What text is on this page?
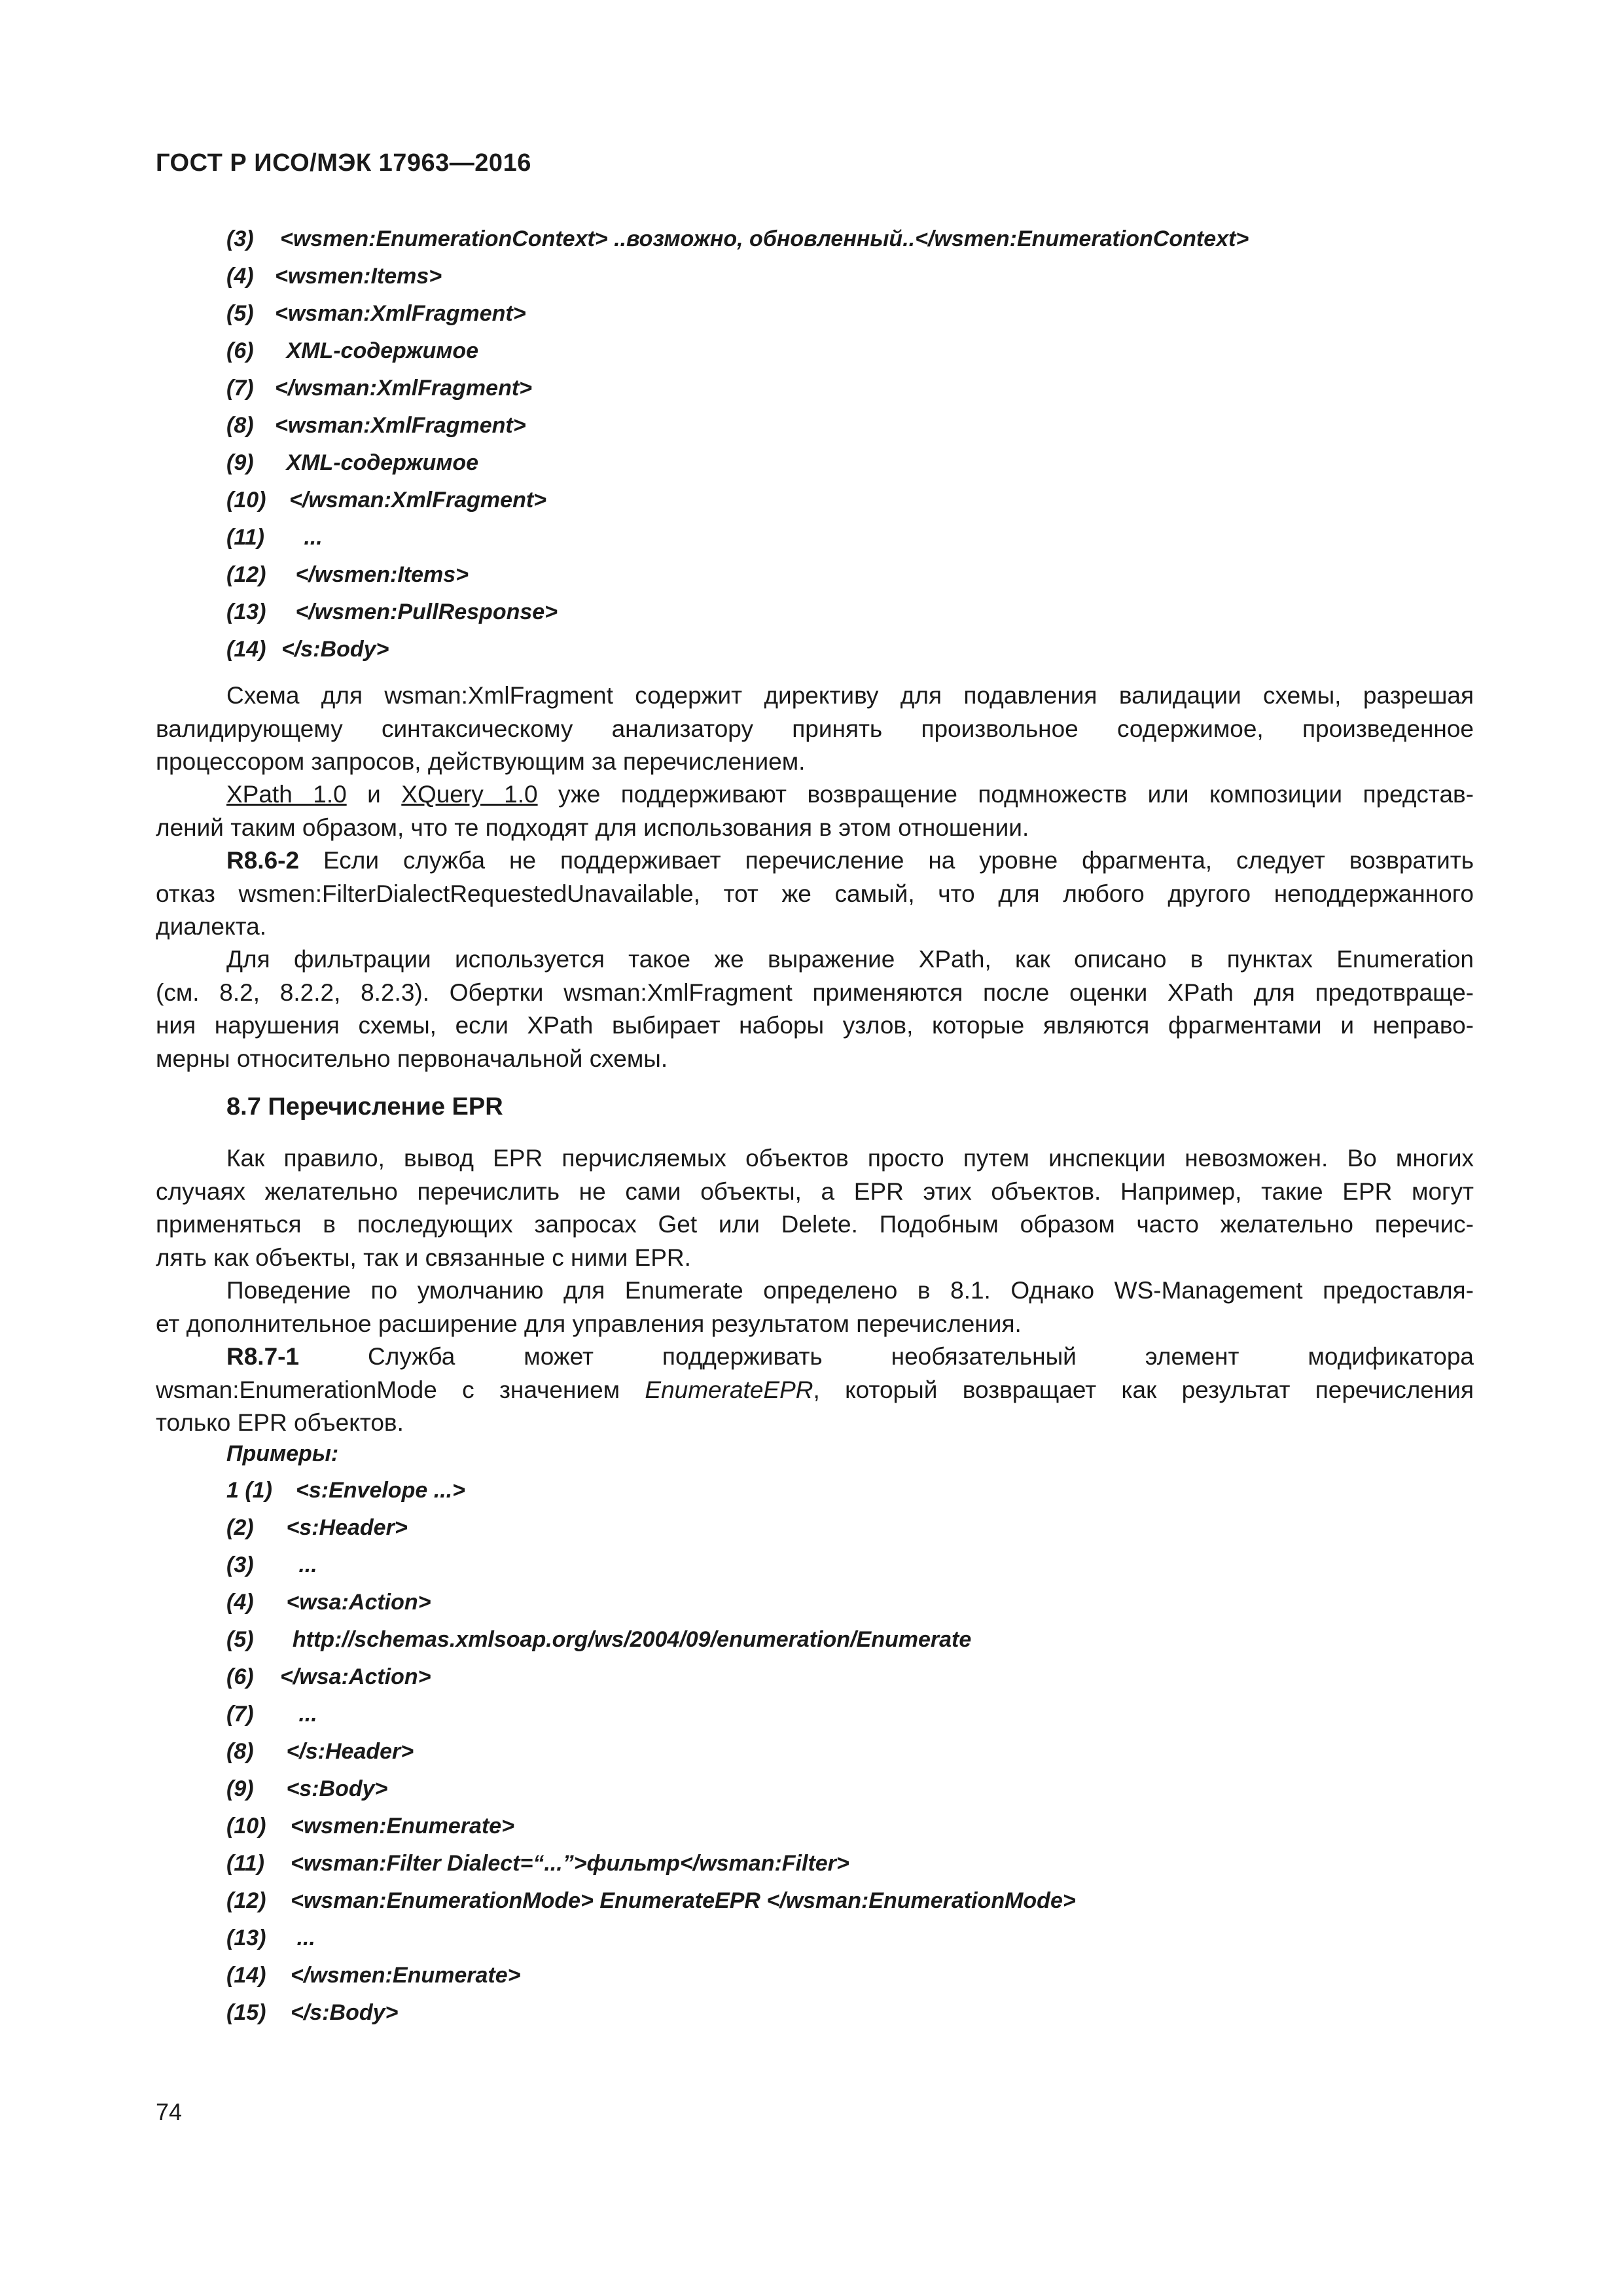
ГОСТ Р ИСО/МЭК 17963—2016
(3) <wsmen:EnumerationContext> ..возможно, обновленный..</wsmen:EnumerationContext>
(4) <wsmen:Items>
(5) <wsman:XmlFragment>
(6) XML-содержимое
(7) </wsman:XmlFragment>
(8) <wsman:XmlFragment>
(9) XML-содержимое
(10) </wsman:XmlFragment>
(11)   ...
(12) </wsmen:Items>
(13) </wsmen:PullResponse>
(14) </s:Body>
Схема для wsman:XmlFragment содержит директиву для подавления валидации схемы, разрешая
валидирующему синтаксическому анализатору принять произвольное содержимое, произведенное
процессором запросов, действующим за перечислением.
XPath 1.0 и XQuery 1.0 уже поддерживают возвращение подмножеств или композиции представ-
лений таким образом, что те подходят для использования в этом отношении.
R8.6-2 Если служба не поддерживает перечисление на уровне фрагмента, следует возвратить
отказ wsmen:FilterDialectRequestedUnavailable, тот же самый, что для любого другого неподдержанного
диалекта.
Для фильтрации используется такое же выражение XPath, как описано в пунктах Enumeration
(см. 8.2, 8.2.2, 8.2.3). Обертки wsman:XmlFragment применяются после оценки XPath для предотвраще-
ния нарушения схемы, если XPath выбирает наборы узлов, которые являются фрагментами и неправо-
мерны относительно первоначальной схемы.
8.7 Перечисление EPR
Как правило, вывод EPR перчисляемых объектов просто путем инспекции невозможен. Во многих
случаях желательно перечислить не сами объекты, а EPR этих объектов. Например, такие EPR могут
применяться в последующих запросах Get или Delete. Подобным образом часто желательно перечис-
лять как объекты, так и связанные с ними EPR.
Поведение по умолчанию для Enumerate определено в 8.1. Однако WS-Management предоставля-
ет дополнительное расширение для управления результатом перечисления.
R8.7-1 Служба может поддерживать необязательный элемент модификатора
wsman:EnumerationMode с значением EnumerateEPR, который возвращает как результат перечисления
только EPR объектов.
Примеры:
1 (1) <s:Envelope ...>
(2) <s:Header>
(3)   ...
(4) <wsa:Action>
(5)  http://schemas.xmlsoap.org/ws/2004/09/enumeration/Enumerate
(6) </wsa:Action>
(7)   ...
(8) </s:Header>
(9) <s:Body>
(10) <wsmen:Enumerate>
(11) <wsman:Filter Dialect=“...”>фильтр</wsman:Filter>
(12) <wsman:EnumerationMode> EnumerateEPR </wsman:EnumerationMode>
(13) ...
(14) </wsmen:Enumerate>
(15) </s:Body>
74
